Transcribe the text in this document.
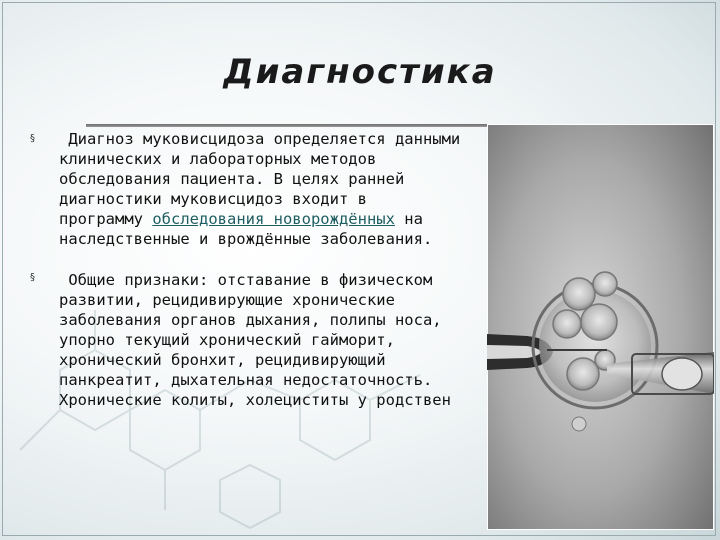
Диагностика
§ Диагноз муковисцидоза определяется данными
клинических и лабораторных методов
обследования пациента. В целях ранней
диагностики муковисцидоз входит в
программу обследования новорождённых на
наследственные и врождённые заболевания.

§ Общие признаки: отставание в физическом
развитии, рецидивирующие хронические
заболевания органов дыхания, полипы носа,
упорно текущий хронический гайморит,
хронический бронхит, рецидивирующий
панкреатит, дыхательная недостаточность.
Хронические колиты, холециститы у родствен
